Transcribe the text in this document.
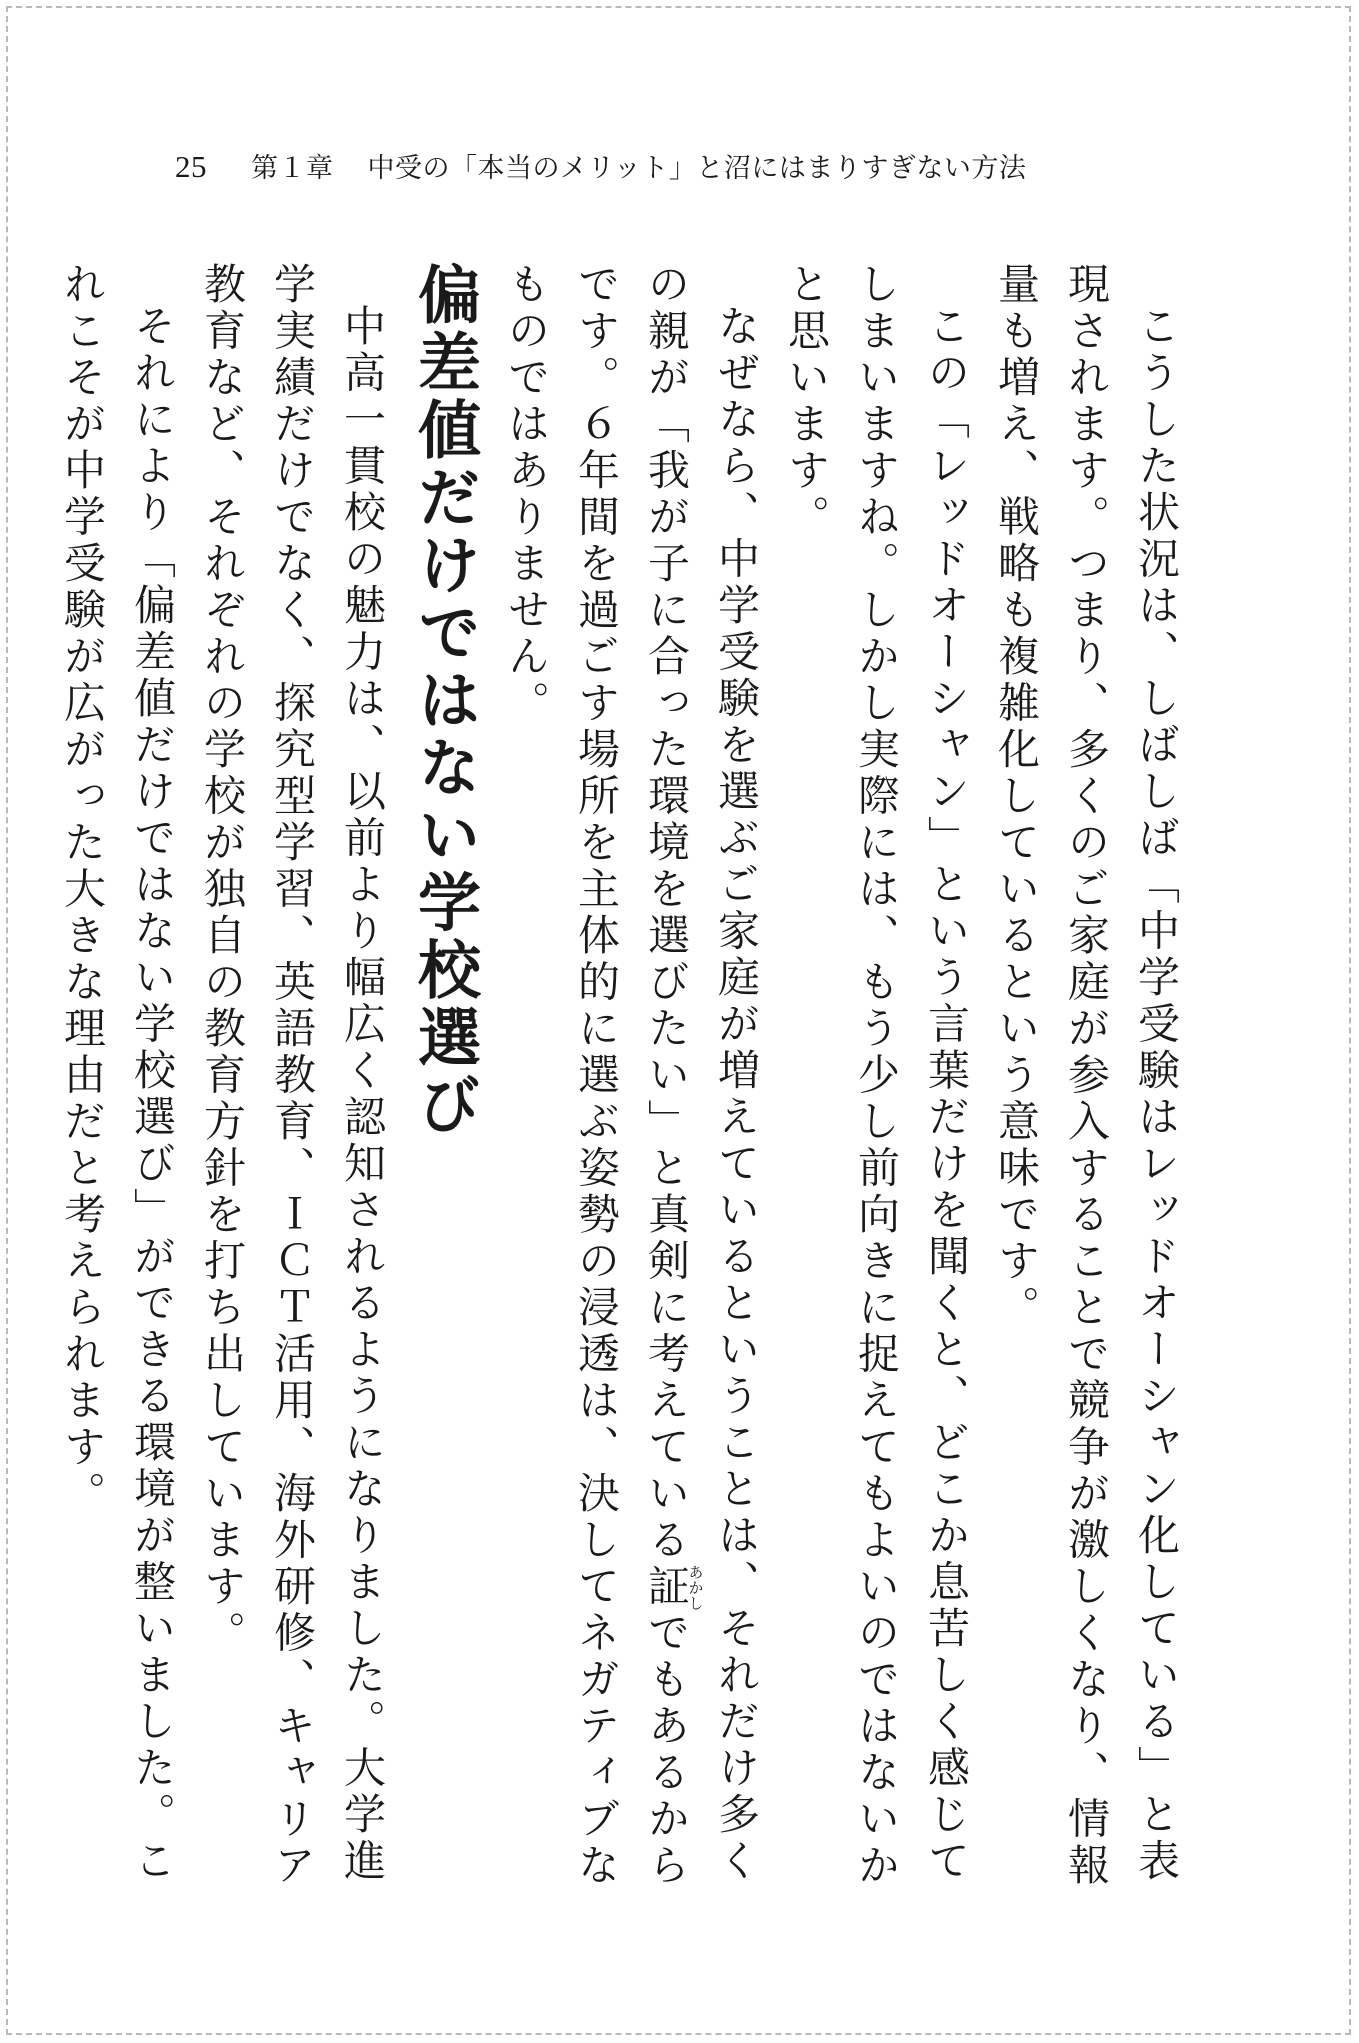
25 第１章 中受の「本当のメリット」と沼にはまりすぎない方法

こうした状況は、しばしば「中学受験はレッドオーシャン化している」と表現されます。つまり、多くのご家庭が参入することで競争が激しくなり、情報量も増え、戦略も複雑化しているという意味です。

この「レッドオーシャン」という言葉だけを聞くと、どこか息苦しく感じてしまいますね。しかし実際には、もう少し前向きに捉えてもよいのではないかと思います。

なぜなら、中学受験を選ぶご家庭が増えているということは、それだけ多くの親が「我が子に合った環境を選びたい」と真剣に考えている証あかしでもあるからです。６年間を過ごす場所を主体的に選ぶ姿勢の浸透は、決してネガティブなものではありません。

偏差値だけではない学校選び

中高一貫校の魅力は、以前より幅広く認知されるようになりました。大学進学実績だけでなく、探究型学習、英語教育、ＩＣＴ活用、海外研修、キャリア教育など、それぞれの学校が独自の教育方針を打ち出しています。

それにより「偏差値だけではない学校選び」ができる環境が整いました。これこそが中学受験が広がった大きな理由だと考えられます。
